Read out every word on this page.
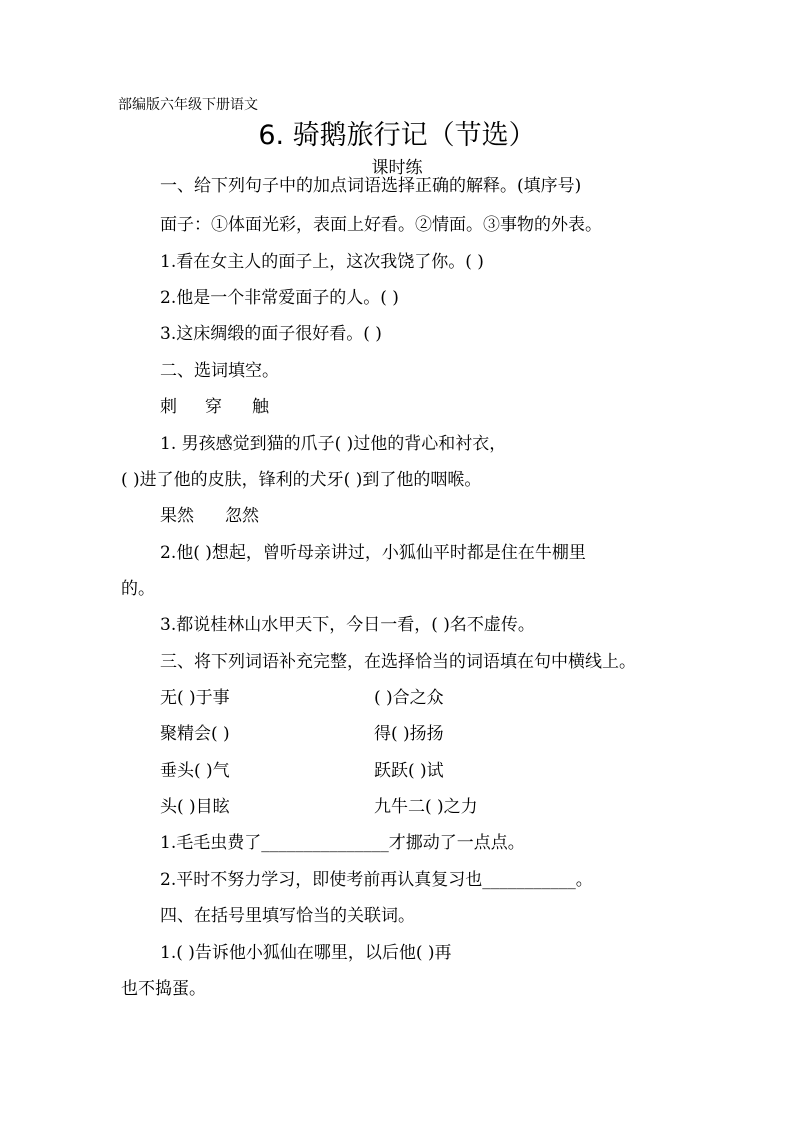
部编版六年级下册语文
6. 骑鹅旅行记（节选）
课时练
一、给下列句子中的加点词语选择正确的解释。(填序号)
面子：①体面光彩，表面上好看。②情面。③事物的外表。
1.看在女主人的面子上，这次我饶了你。( )
2.他是一个非常爱面子的人。( )
3.这床绸缎的面子很好看。( )
二、选词填空。
刺 穿 触
1. 男孩感觉到猫的爪子( )过他的背心和衬衣，
( )进了他的皮肤，锋利的犬牙( )到了他的咽喉。
果然 忽然
2.他( )想起，曾听母亲讲过，小狐仙平时都是住在牛棚里
的。
3.都说桂林山水甲天下，今日一看，( )名不虚传。
三、将下列词语补充完整，在选择恰当的词语填在句中横线上。
无( )于事	( )合之众
聚精会( )	得( )扬扬
垂头( )气	跃跃( )试
头( )目眩	九牛二( )之力
1.毛毛虫费了_______________才挪动了一点点。
2.平时不努力学习，即使考前再认真复习也___________。
四、在括号里填写恰当的关联词。
1.( )告诉他小狐仙在哪里，以后他( )再
也不捣蛋。
